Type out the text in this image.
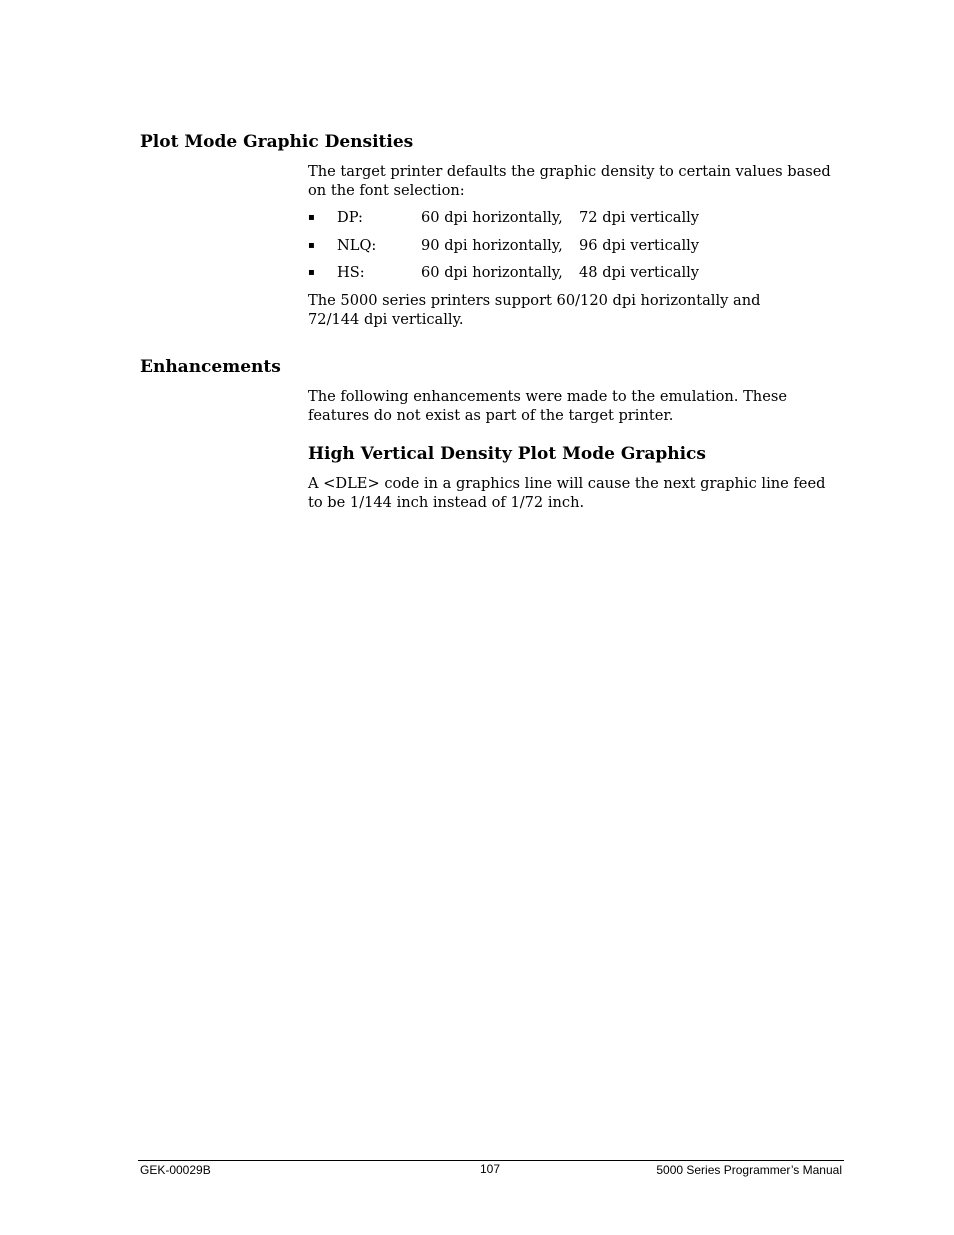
Plot Mode Graphic Densities

The target printer defaults the graphic density to certain values based on the font selection:

▪ DP:	60 dpi horizontally, 72 dpi vertically
▪ NLQ:	90 dpi horizontally, 96 dpi vertically
▪ HS:	60 dpi horizontally, 48 dpi vertically

The 5000 series printers support 60/120 dpi horizontally and 72/144 dpi vertically.

Enhancements

The following enhancements were made to the emulation. These features do not exist as part of the target printer.

High Vertical Density Plot Mode Graphics

A <DLE> code in a graphics line will cause the next graphic line feed to be 1/144 inch instead of 1/72 inch.

GEK-00029B	107	5000 Series Programmer’s Manual
